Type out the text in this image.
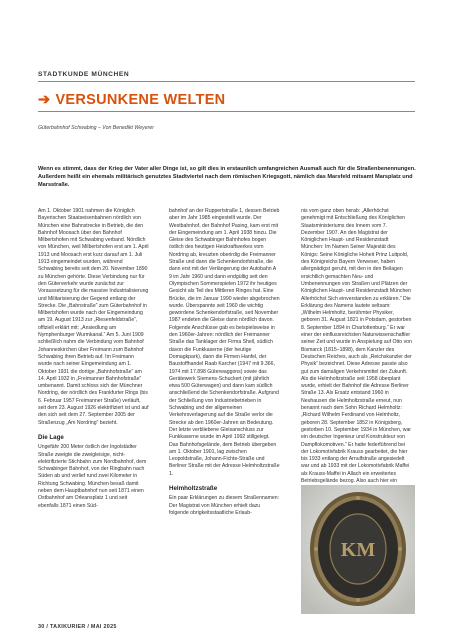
STADTKUNDE MÜNCHEN
➔ VERSUNKENE WELTEN
Güterbahnhof Schwabing – Von Benedikt Weyerer
Wenn es stimmt, dass der Krieg der Vater aller Dinge ist, so gilt dies in erstaunlich umfangreichen Ausmaß auch für die Straßenbenennungen. Außerdem heißt ein ehemals militärisch genutztes Stadtviertel nach dem römischen Kriegsgott, nämlich das Marsfeld mitsamt Marsplatz und Marsstraße.

Am 1. Oktober 1901 nahmen die Königlich Bayerischen Staatseisenbahnen nördlich von München eine Bahnstrecke in Betrieb, die den Bahnhof Moosach über den Bahnhof Milbertshofen mit Schwabing verband. Nördlich von München, weil Milbertshofen erst am 1. April 1913 und Moosach erst kurz darauf am 1. Juli 1913 eingemeindet wurden, während Schwabing bereits seit dem 20. November 1890 zu München gehörte. Diese Verbindung nur für den Güterverkehr wurde zunächst zur Voraussetzung für die massive Industrialisierung und Militarisierung der Gegend entlang der Strecke. Die „Bahnstraße“ zum Güterbahnhof in Milbertshofen wurde nach der Eingemeindung am 19. August 1913 zur „Riesenfeldstraße“, offiziell erklärt mit: „Ansiedlung am Nymphenburger Wurmkanal.“ Am 5. Juni 1909 schließlich nahm die Verbindung vom Bahnhof Johanneskirchen über Freimann zum Bahnhof Schwabing ihren Betrieb auf. Im Freimann wurde nach seiner Eingemeindung am 1. Oktober 1931 die dortige „Bahnhofstraße“ am 14. April 1932 in „Freimanner Bahnhofstraße“ umbenannt. Damit schloss sich der Münchner Nordring, der nördlich des Frankfurter Rings (bis 6. Februar 1957 Freimanner Straße) verläuft, seit dem 23. August 1926 elektrifiziert ist und auf den sich seit dem 27. September 2005 der Straßenzug „Am Nordring“ bezieht.

Die Lage

Ungefähr 200 Meter östlich der Ingolstädter Straße zweigte die zweigleisige, nicht-elektrifizierte Stichbahn zum Nordbahnhof, dem Schwabinger Bahnhof, von der Ringbahn nach Süden ab und verlief rund zwei Kilometer in Richtung Schwabing. München besaß damit neben dem Hauptbahnhof nun seit 1871 einen Ostbahnhof am Orleansplatz 1 und seit ebenfalls 1871 einen Süd-

bahnhof an der Ruppertstraße 1, dessen Betrieb aber im Jahr 1985 eingestellt wurde. Der Westbahnhof, der Bahnhof Pasing, kam erst mit der Eingemeindung am 1. April 1938 hinzu. Die Gleise des Schwabinger Bahnhofes bogen östlich des heutigen Heizkraftwerkes vom Nordring ab, kreuzten oberirdig die Freimanner Straße und dann die Schenkendorfstraße, die dann erst mit der Verlängerung der Autobahn A 9 im Jahr 1960 und dann endgültig seit den Olympischen Sommerspielen 1972 ihr heutiges Gesicht als Teil des Mittleren Ringes hat. Eine Brücke, die im Januar 1990 wieder abgebrochen wurde. Überspannte seit 1960 die wichtig gewordene Schenkendorfstraße, seit November 1987 endeten die Gleise dann nördlich davon. Folgende Anschlüsse gab es beispielsweise in den 1960er-Jahren: nördlich der Freimanner Straße das Tanklager der Firma Shell, südlich davon die Funkkaserne (der heutige Domagkpark), dann die Firmen Hanfel, der Baustoffhandel Raab Karcher (1947 mit 9.366, 1974 mit 17.898 Güterwaggons) sowie das Gerätewerk Siemens-Schuckert (mit jährlich etwa 500 Güterwagen) und dann kam südlich anschließend die Schenkendorfstraße. Aufgrund der Schließung von Industriebetrieben in Schwabing und der allgemeinen Verkehrsverlagerung auf die Straße verlor die Strecke ab den 1960er-Jahren an Bedeutung. Der letzte verbliebene Gleisanschluss zur Funkkaserne wurde im April 1992 stillgelegt. Das Bahnhofsgelände, dem Betrieb übergeben am 1. Oktober 1901, lag zwischen Leopoldstraße, Johann-Fichte-Straße und Berliner Straße mit der Adresse Helmholtzstraße 1.

Helmholtzstraße

Ein paar Erklärungen zu diesem Straßennamen: Der Magistrat von München erhielt dazu folgende obrigkeitsstaatliche Erlaub-

nis vom ganz oben herab: „Allerhöchst genehmigt mit Entschließung des Königlichen Staatsministeriums des Innern vom 7. Dezember 1907. An den Magistrat der Königlichen Haupt- und Residenzstadt München: Im Namen Seiner Majestät des Königs: Seine Königliche Hoheit Prinz Luitpold, des Königreichs Bayern Verweser, haben allergnädigst geruht, mit den in den Beilagen ersichtlich gemachten Neu- und Umbenennungen von Straßen und Plätzen der Königlichen Haupt- und Residenzstadt München Allerhöchst Sich einverstanden zu erklären.“ Die Erklärung des Namens lautete seltsam: „Wilhelm Helmholtz, berühmter Physiker, geboren 31. August 1821 in Potsdam, gestorben 8. September 1894 in Charlottenburg.“ Er war einer der einflussreichsten Naturwissenschaftler seiner Zeit und wurde in Anspielung auf Otto von Bismarck (1815–1898), dem Kanzler des Deutschen Reiches, auch als „Reichskanzler der Physik“ bezeichnet. Diese Adresse passte also gut zum damaligen Verkehrsmittel der Zukunft. Als die Helmholtzstraße seit 1958 überplant wurde, erhielt der Bahnhof die Adresse Berliner Straße 13. Als Ersatz entstand 1960 in Neuhausen die Helmholtzstraße erneut, nun benannt nach dem Sohn Richard Helmholtz: „Richard Wilhelm Ferdinand von Helmholtz, geboren 28. September 1852 in Königsberg, gestorben 10. September 1934 in München, war ein deutscher Ingenieur und Konstrukteur von Dampflokomotiven.“ Er hatte federführend bei der Lokomotivfabrik Krauss gearbeitet, die hier bis 1933 entlang der Arnulfstraße angesiedelt war und ab 1933 mit der Lokomotivfabrik Maffei als Krauss-Maffei in Allach ein erweitertes Betriebsgelände bezog. Also auch hier ein

KM
30 / TAXIKURIER / MAI 2025
